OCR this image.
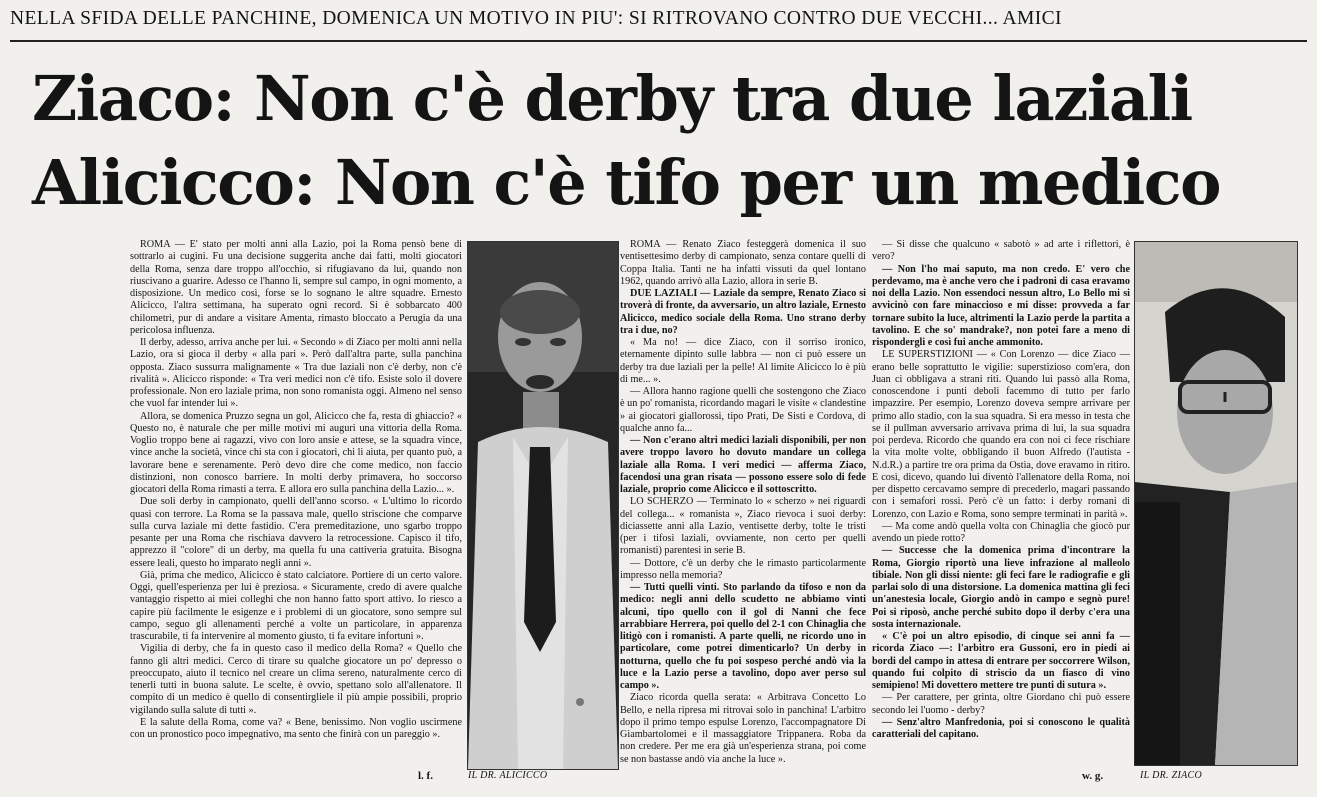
NELLA SFIDA DELLE PANCHINE, DOMENICA UN MOTIVO IN PIU': SI RITROVANO CONTRO DUE VECCHI... AMICI
Ziaco: Non c'è derby tra due laziali
Alicicco: Non c'è tifo per un medico

ROMA — E' stato per molti anni alla Lazio, poi la Roma pensò bene di sottrarlo ai cugini. Fu una decisione suggerita anche dai fatti, molti giocatori della Roma, senza dare troppo all'occhio, si rifugiavano da lui, quando non riuscivano a guarire. Adesso ce l'hanno lì, sempre sul campo, in ogni momento, a disposizione. Un medico così, forse se lo sognano le altre squadre. Ernesto Alicicco, l'altra settimana, ha superato ogni record. Si è sobbarcato 400 chilometri, pur di andare a visitare Amenta, rimasto bloccato a Perugia da una pericolosa influenza.

Il derby, adesso, arriva anche per lui. « Secondo » di Ziaco per molti anni nella Lazio, ora si gioca il derby « alla pari ». Però dall'altra parte, sulla panchina opposta. Ziaco sussurra malignamente « Tra due laziali non c'è derby, non c'è rivalità ». Alicicco risponde: « Tra veri medici non c'è tifo. Esiste solo il dovere professionale. Non ero laziale prima, non sono romanista oggi. Almeno nel senso che vuol far intender lui ».

Allora, se domenica Pruzzo segna un gol, Alicicco che fa, resta di ghiaccio? « Questo no, è naturale che per mille motivi mi auguri una vittoria della Roma. Voglio troppo bene ai ragazzi, vivo con loro ansie e attese, se la squadra vince, vince anche la società, vince chi sta con i giocatori, chi li aiuta, per quanto può, a lavorare bene e serenamente. Però devo dire che come medico, non faccio distinzioni, non conosco barriere. In molti derby primavera, ho soccorso giocatori della Roma rimasti a terra. E allora ero sulla panchina della Lazio... ».

Due soli derby in campionato, quelli dell'anno scorso. « L'ultimo lo ricordo quasi con terrore. La Roma se la passava male, quello striscione che comparve sulla curva laziale mi dette fastidio. C'era premeditazione, uno sgarbo troppo pesante per una Roma che rischiava davvero la retrocessione. Capisco il tifo, apprezzo il "colore" di un derby, ma quella fu una cattiveria gratuita. Bisogna essere leali, questo ho imparato negli anni ».

Già, prima che medico, Alicicco è stato calciatore. Portiere di un certo valore. Oggi, quell'esperienza per lui è preziosa. « Sicuramente, credo di avere qualche vantaggio rispetto ai miei colleghi che non hanno fatto sport attivo. Io riesco a capire più facilmente le esigenze e i problemi di un giocatore, sono sempre sul campo, seguo gli allenamenti perché a volte un particolare, in apparenza trascurabile, ti fa intervenire al momento giusto, ti fa evitare infortuni ».

Vigilia di derby, che fa in questo caso il medico della Roma? « Quello che fanno gli altri medici. Cerco di tirare su qualche giocatore un po' depresso o preoccupato, aiuto il tecnico nel creare un clima sereno, naturalmente cerco di tenerli tutti in buona salute. Le scelte, è ovvio, spettano solo all'allenatore. Il compito di un medico è quello di consentirgliele il più ampie possibili, proprio vigilando sulla salute di tutti ».

E la salute della Roma, come va? « Bene, benissimo. Non voglio uscirmene con un pronostico poco impegnativo, ma sento che finirà con un pareggio ».

ROMA — Renato Ziaco festeggerà domenica il suo ventisettesimo derby di campionato, senza contare quelli di Coppa Italia. Tanti ne ha infatti vissuti da quel lontano 1962, quando arrivò alla Lazio, allora in serie B.

DUE LAZIALI — Laziale da sempre, Renato Ziaco si troverà di fronte, da avversario, un altro laziale, Ernesto Alicicco, medico sociale della Roma. Uno strano derby tra i due, no?

« Ma no! — dice Ziaco, con il sorriso ironico, eternamente dipinto sulle labbra — non ci può essere un derby tra due laziali per la pelle! Al limite Alicicco lo è più di me... ».

— Allora hanno ragione quelli che sostengono che Ziaco è un po' romanista, ricordando magari le visite « clandestine » ai giocatori giallorossi, tipo Prati, De Sisti e Cordova, di qualche anno fa...

— Non c'erano altri medici laziali disponibili, per non avere troppo lavoro ho dovuto mandare un collega laziale alla Roma. I veri medici — afferma Ziaco, facendosi una gran risata — possono essere solo di fede laziale, proprio come Alicicco e il sottoscritto.

LO SCHERZO — Terminato lo « scherzo » nei riguardi del collega... « romanista », Ziaco rievoca i suoi derby: diciassette anni alla Lazio, ventisette derby, tolte le tristi (per i tifosi laziali, ovviamente, non certo per quelli romanisti) parentesi in serie B.

— Dottore, c'è un derby che le rimasto particolarmente impresso nella memoria?

— Tutti quelli vinti. Sto parlando da tifoso e non da medico: negli anni dello scudetto ne abbiamo vinti alcuni, tipo quello con il gol di Nanni che fece arrabbiare Herrera, poi quello del 2-1 con Chinaglia che litigò con i romanisti. A parte quelli, ne ricordo uno in particolare, come potrei dimenticarlo? Un derby in notturna, quello che fu poi sospeso perché andò via la luce e la Lazio perse a tavolino, dopo aver perso sul campo ».

Ziaco ricorda quella serata: « Arbitrava Concetto Lo Bello, e nella ripresa mi ritrovai solo in panchina! L'arbitro dopo il primo tempo espulse Lorenzo, l'accompagnatore Di Giambartolomei e il massaggiatore Trippanera. Roba da non credere. Per me era già un'esperienza strana, poi come se non bastasse andò via anche la luce ».

— Si disse che qualcuno « sabotò » ad arte i riflettori, è vero?

— Non l'ho mai saputo, ma non credo. E' vero che perdevamo, ma è anche vero che i padroni di casa eravamo noi della Lazio. Non essendoci nessun altro, Lo Bello mi si avvicinò con fare minaccioso e mi disse: provveda a far tornare subito la luce, altrimenti la Lazio perde la partita a tavolino. E che so' mandrake?, non potei fare a meno di rispondergli e così fui anche ammonito.

LE SUPERSTIZIONI — « Con Lorenzo — dice Ziaco — erano belle soprattutto le vigilie: superstizioso com'era, don Juan ci obbligava a strani riti. Quando lui passò alla Roma, conoscendone i punti deboli facemmo di tutto per farlo impazzire. Per esempio, Lorenzo doveva sempre arrivare per primo allo stadio, con la sua squadra. Si era messo in testa che se il pullman avversario arrivava prima di lui, la sua squadra poi perdeva. Ricordo che quando era con noi ci fece rischiare la vita molte volte, obbligando il buon Alfredo (l'autista - N.d.R.) a partire tre ora prima da Ostia, dove eravamo in ritiro. E così, dicevo, quando lui diventò l'allenatore della Roma, noi per dispetto cercavamo sempre di precederlo, magari passando con i semafori rossi. Però c'è un fatto: i derby romani di Lorenzo, con Lazio e Roma, sono sempre terminati in parità ».

— Ma come andò quella volta con Chinaglia che giocò pur avendo un piede rotto?

— Successe che la domenica prima d'incontrare la Roma, Giorgio riportò una lieve infrazione al malleolo tibiale. Non gli dissi niente: gli feci fare le radiografie e gli parlai solo di una distorsione. La domenica mattina gli feci un'anestesia locale, Giorgio andò in campo e segnò pure! Poi si riposò, anche perché subito dopo il derby c'era una sosta internazionale.

« C'è poi un altro episodio, di cinque sei anni fa — ricorda Ziaco —: l'arbitro era Gussoni, ero in piedi ai bordi del campo in attesa di entrare per soccorrere Wilson, quando fui colpito di striscio da un fiasco di vino semipieno! Mi dovettero mettere tre punti di sutura ».

— Per carattere, per grinta, oltre Giordano chi può essere secondo lei l'uomo - derby?

— Senz'altro Manfredonia, poi si conoscono le qualità caratteriali del capitano.

l. f.	IL DR. ALICICCO	w. g.	IL DR. ZIACO
